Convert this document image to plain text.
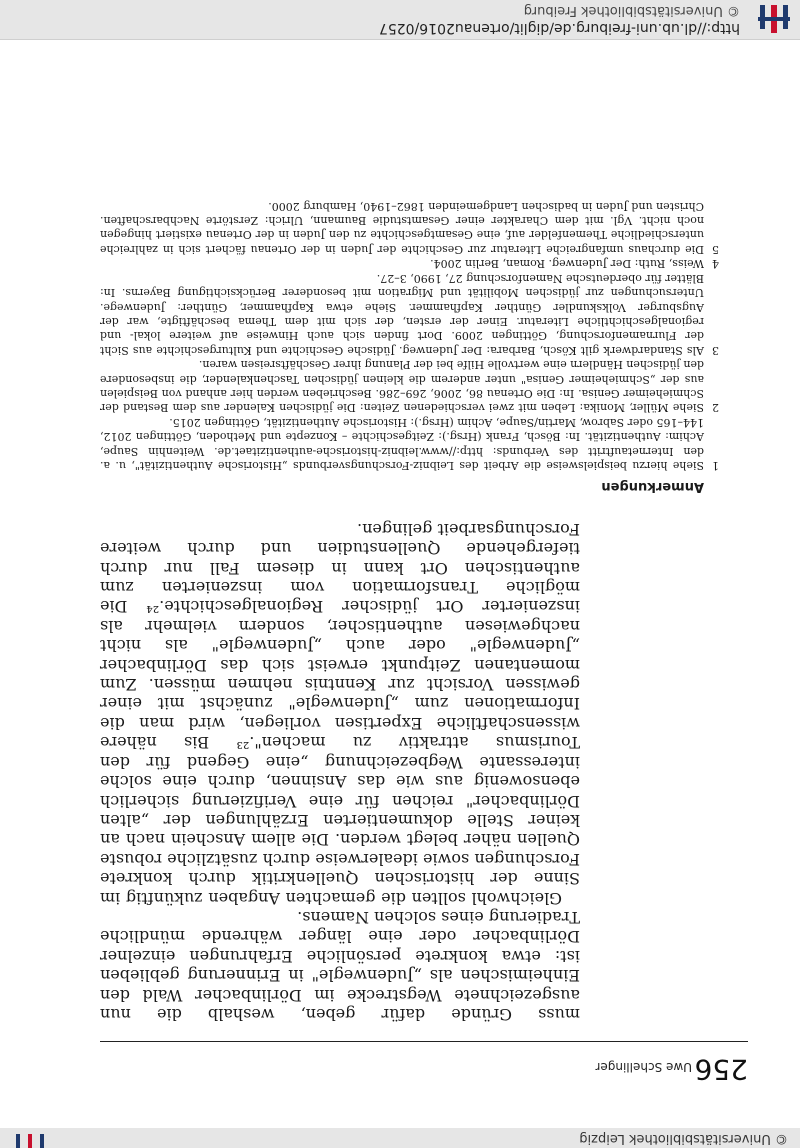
© Universitätsbibliothek Leipzig
256
Uwe Schellinger

muss Gründe dafür geben, weshalb die nun ausgezeichnete Wegstrecke im Dörlinbacher Wald den Einheimischen als „Judenwegle" in Erinnerung geblieben ist: etwa konkrete persönliche Erfahrungen einzelner Dörlinbacher oder eine länger währende mündliche Tradierung eines solchen Namens.

Gleichwohl sollten die gemachten Angaben zukünftig im Sinne der historischen Quellenkritik durch konkrete Forschungen sowie idealerweise durch zusätzliche robuste Quellen näher belegt werden. Die allem Anschein nach an keiner Stelle dokumentierten Erzählungen der „alten Dörlinbacher" reichen für eine Verifizierung sicherlich ebensowenig aus wie das Ansinnen, durch eine solche interessante Wegbezeichnung „eine Gegend für den Tourismus attraktiv zu machen".²³ Bis nähere wissenschaftliche Expertisen vorliegen, wird man die Informationen zum „Judenwegle" zunächst mit einer gewissen Vorsicht zur Kenntnis nehmen müssen. Zum momentanen Zeitpunkt erweist sich das Dörlinbacher „Judenwegle" oder auch „Judenwegle" als nicht nachgewiesen authentischer, sondern vielmehr als inszenierter Ort jüdischer Regionalgeschichte.²⁴ Die mögliche Transformation vom inszenierten zum authentischen Ort kann in diesem Fall nur durch tiefergehende Quellenstudien und durch weitere Forschungsarbeit gelingen.

Anmerkungen
1
Siehe hierzu beispielsweise die Arbeit des Leibniz-Forschungsverbunds „Historische Authentizität", u. a. den Internetauftritt des Verbunds: http://www.leibniz-historische-authentizitaet.de. Weitenhin Saupe, Achim: Authentizität. In: Bösch, Frank (Hrsg.): Zeitgeschichte – Konzepte und Methoden, Göttingen 2012, 144–165 oder Sabrow, Martin/Saupe, Achim (Hrsg.): Historische Authentizität, Göttingen 2015.
2
Siehe Müller, Monika: Leben mit zwei verschiedenen Zeiten: Die jüdischen Kalender aus dem Bestand der Schmieheimer Genisa. In: Die Ortenau 86, 2006, 269–286. Beschrieben werden hier anhand von Beispielen aus der „Schmieheimer Genisa" unter anderem die kleinen jüdischen Taschenkalender, die insbesondere den jüdischen Händlern eine wertvolle Hilfe bei der Planung ihrer Geschäftsreisen waren.
3
Als Standardwerk gilt Kösch, Barbara: Der Judenweg. Jüdische Geschichte und Kulturgeschichte aus Sicht der Flurnamenforschung, Göttingen 2009. Dort finden sich auch Hinweise auf weitere lokal- und regionalgeschichtliche Literatur. Einer der ersten, der sich mit dem Thema beschäftigte, war der Augsburger Volkskundler Günther Kapfhammer. Siehe etwa Kapfhammer, Günther: Judenwege. Untersuchungen zur jüdischen Mobilität und Migration mit besonderer Berücksichtigung Bayerns. In: Blätter für oberdeutsche Namenforschung 27, 1990, 3–27.
4
Weiss, Ruth: Der Judenweg. Roman, Berlin 2004.
5
Die durchaus umfangreiche Literatur zur Geschichte der Juden in der Ortenau fächert sich in zahlreiche unterschiedliche Themenfelder auf, eine Gesamtgeschichte zu den Juden in der Ortenau existiert hingegen noch nicht. Vgl. mit dem Charakter einer Gesamtstudie Baumann, Ulrich: Zerstörte Nachbarschaften. Christen und Juden in badischen Landgemeinden 1862–1940, Hamburg 2000.
http://dl.ub.uni-freiburg.de/diglit/ortenau2016/0257
© Universitätsbibliothek Freiburg
